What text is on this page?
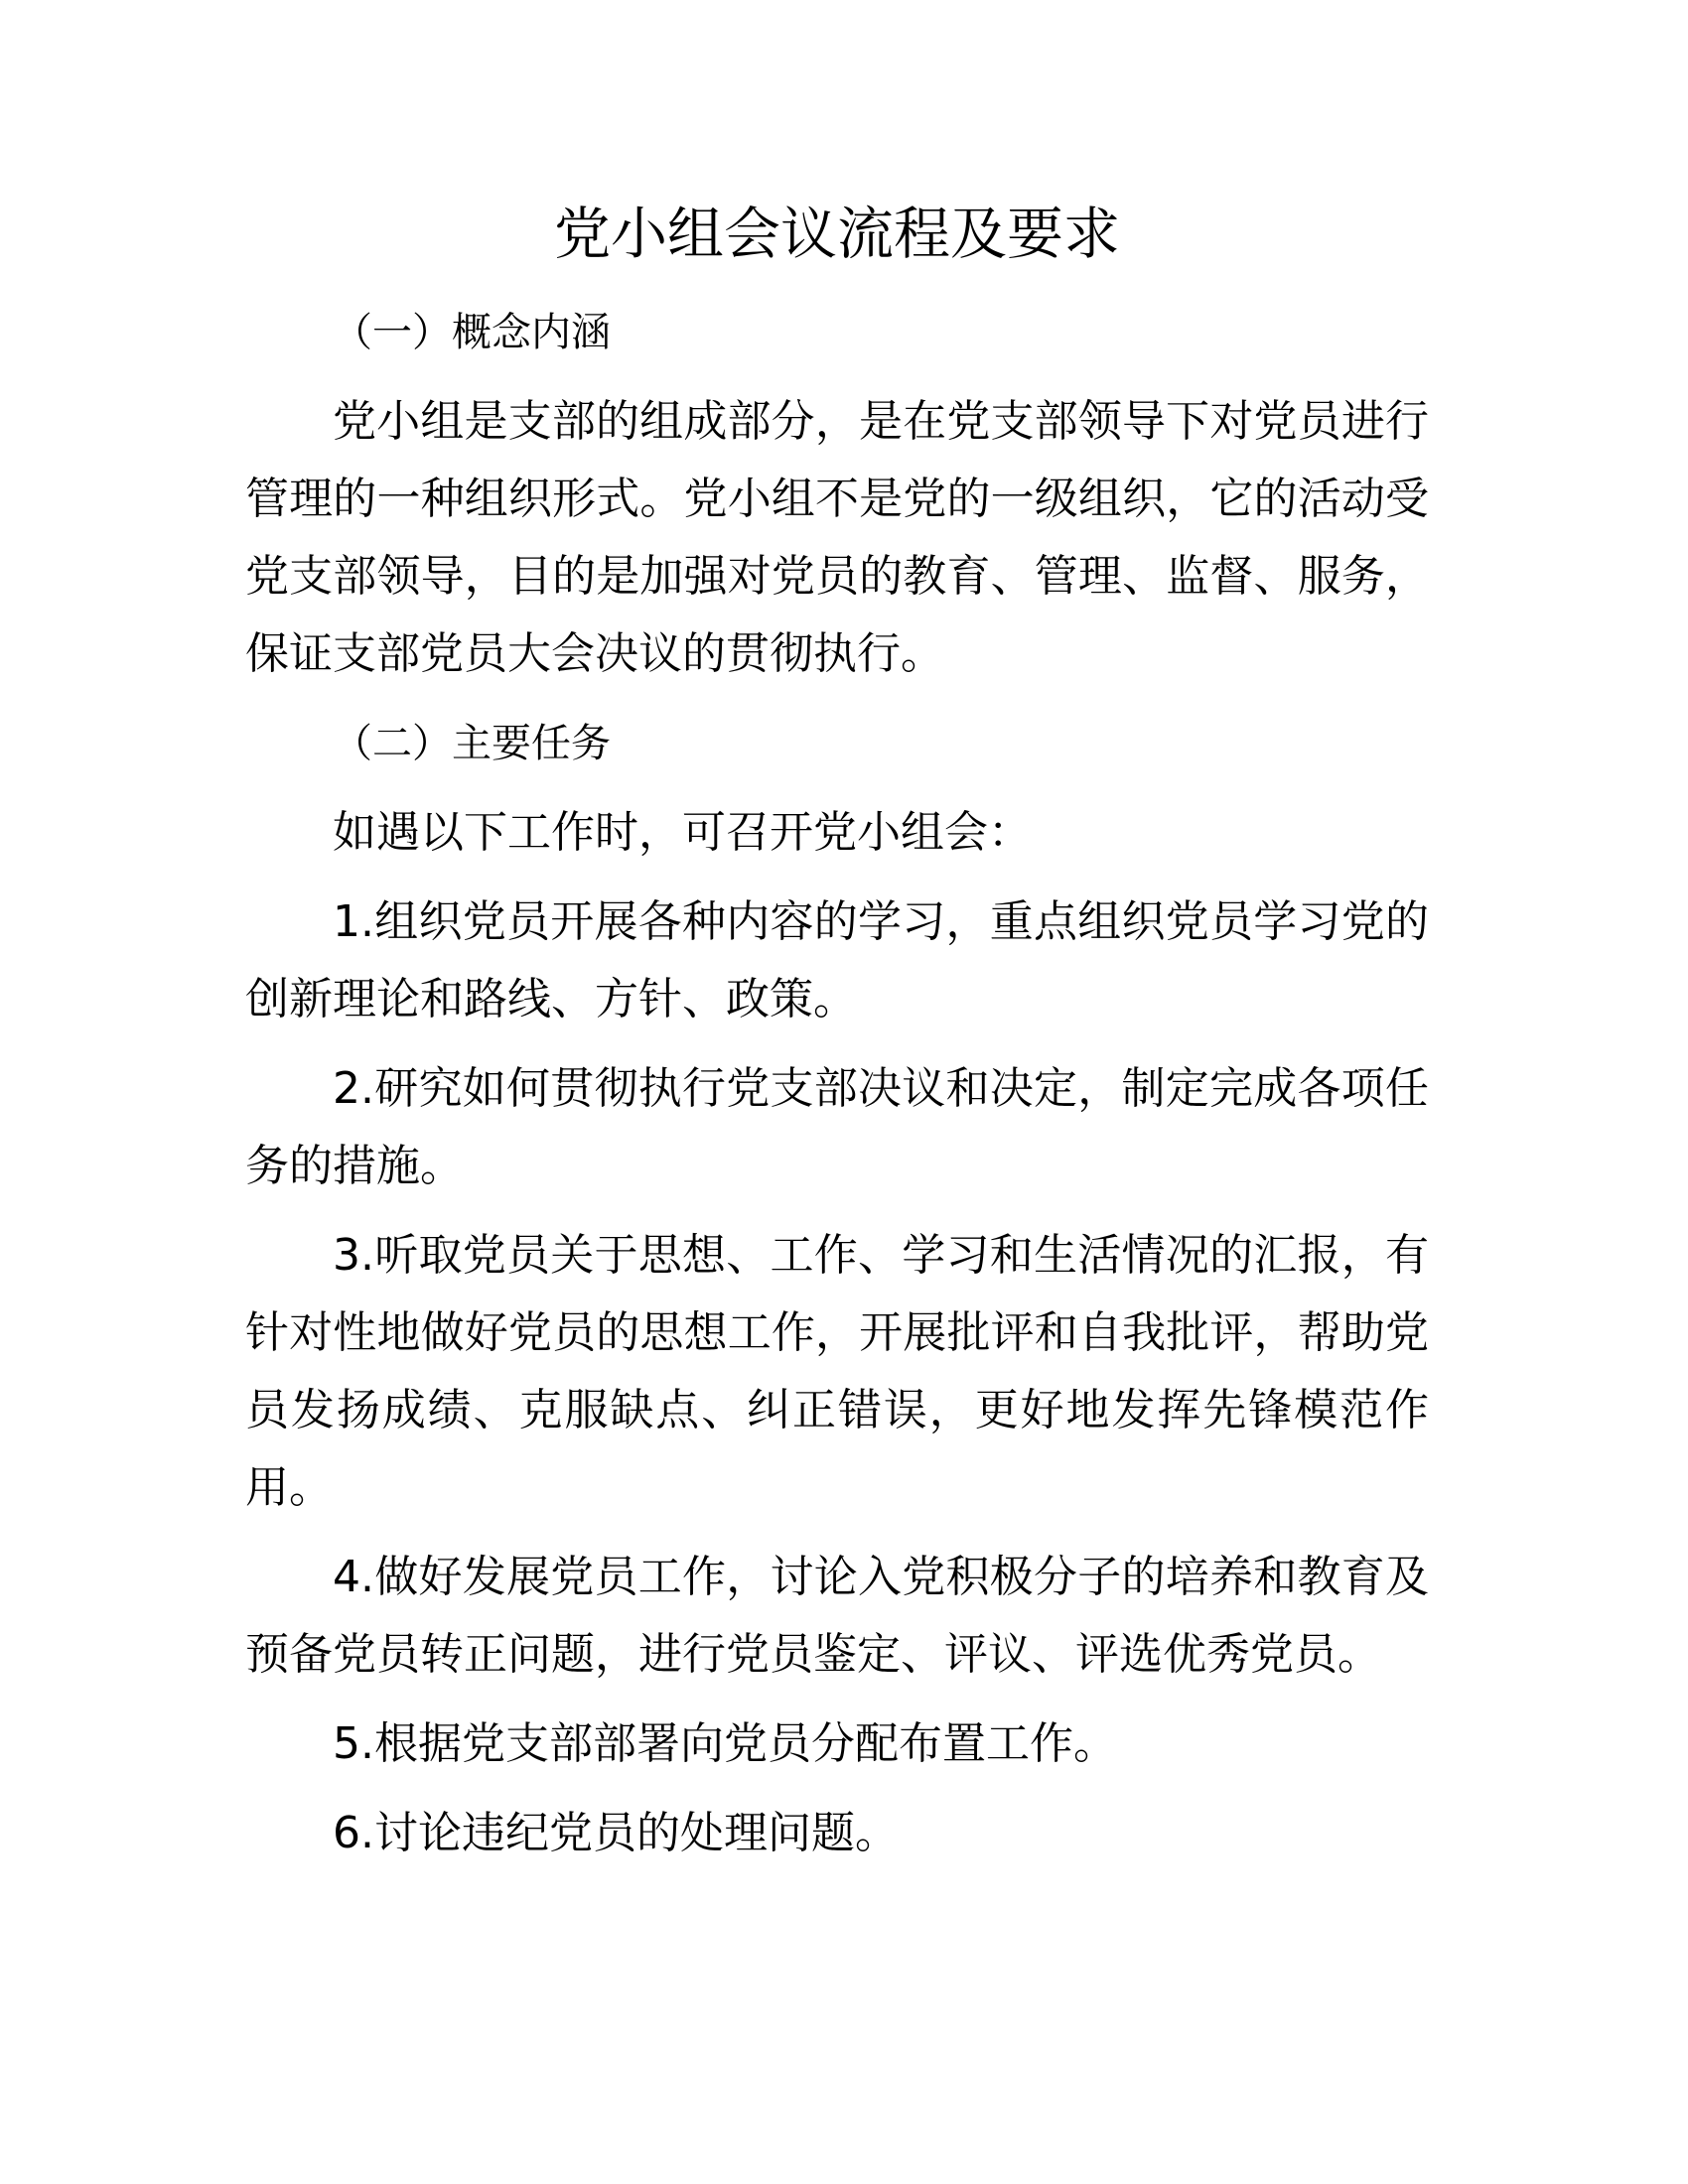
党小组会议流程及要求

（一）概念内涵

党小组是支部的组成部分，是在党支部领导下对党员进行管理的一种组织形式。党小组不是党的一级组织，它的活动受党支部领导，目的是加强对党员的教育、管理、监督、服务，保证支部党员大会决议的贯彻执行。

（二）主要任务

如遇以下工作时，可召开党小组会：

1.组织党员开展各种内容的学习，重点组织党员学习党的创新理论和路线、方针、政策。

2.研究如何贯彻执行党支部决议和决定，制定完成各项任务的措施。

3.听取党员关于思想、工作、学习和生活情况的汇报，有针对性地做好党员的思想工作，开展批评和自我批评，帮助党员发扬成绩、克服缺点、纠正错误，更好地发挥先锋模范作用。

4.做好发展党员工作，讨论入党积极分子的培养和教育及预备党员转正问题，进行党员鉴定、评议、评选优秀党员。

5.根据党支部部署向党员分配布置工作。

6.讨论违纪党员的处理问题。
